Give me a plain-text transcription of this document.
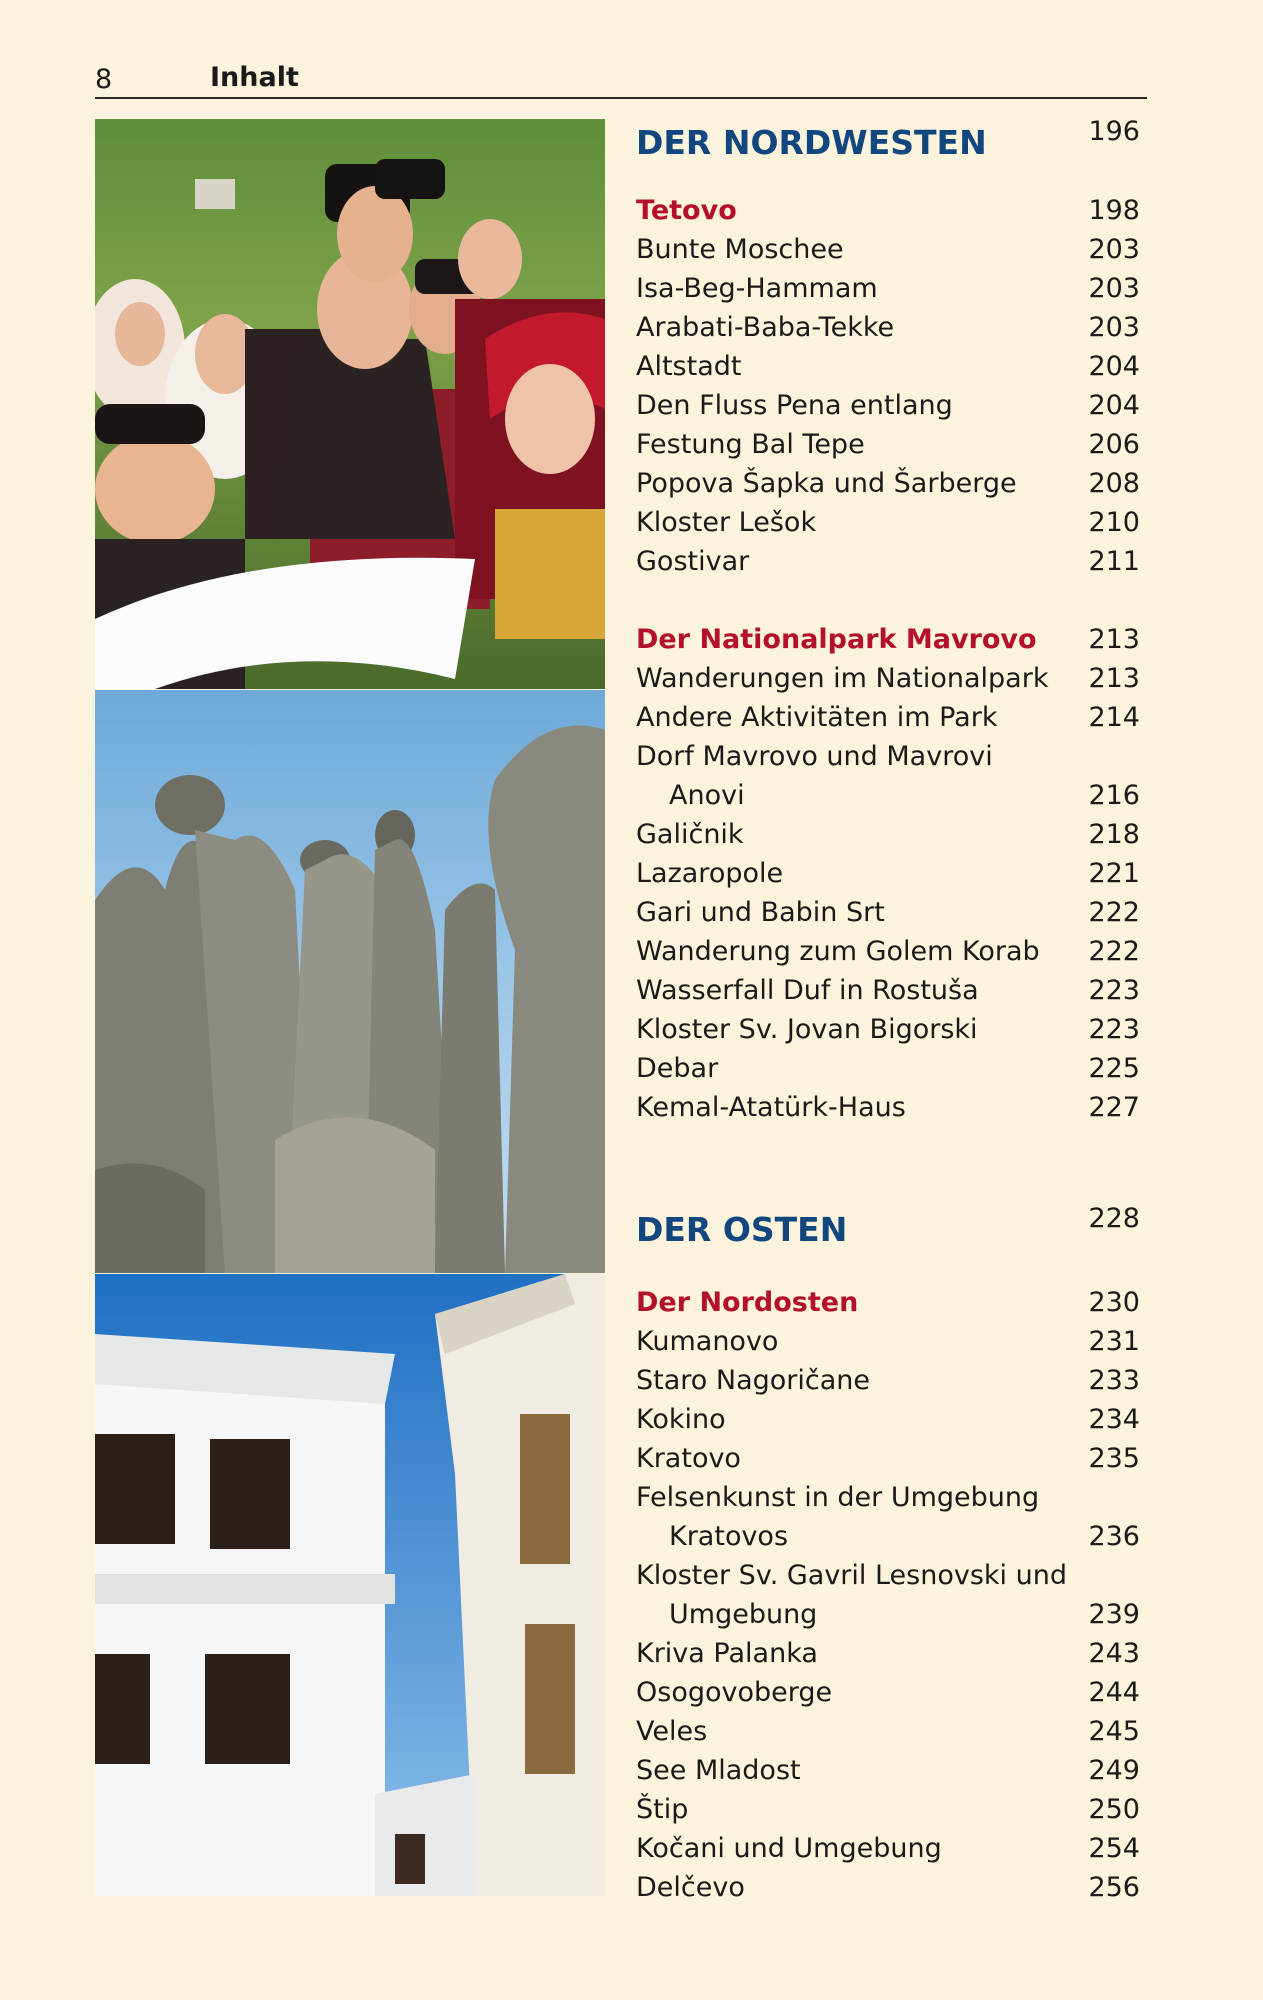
8	Inhalt
DER NORDWESTEN	196
Tetovo	198
Bunte Moschee	203
Isa-Beg-Hammam	203
Arabati-Baba-Tekke	203
Altstadt	204
Den Fluss Pena entlang	204
Festung Bal Tepe	206
Popova Šapka und Šarberge	208
Kloster Lešok	210
Gostivar	211
Der Nationalpark Mavrovo 213
Wanderungen im Nationalpark 213
Andere Aktivitäten im Park	214
Dorf Mavrovo und Mavrovi
Anovi	216
Galičnik	218
Lazaropole	221
Gari und Babin Srt	222
Wanderung zum Golem Korab 222
Wasserfall Duf in Rostuša	223
Kloster Sv. Jovan Bigorski	223
Debar	225
Kemal-Atatürk-Haus	227
DER OSTEN	228
Der Nordosten	230
Kumanovo	231
Staro Nagoričane	233
Kokino	234
Kratovo	235
Felsenkunst in der Umgebung
Kratovos	236
Kloster Sv. Gavril Lesnovski und
Umgebung	239
Kriva Palanka	243
Osogovoberge	244
Veles	245
See Mladost	249
Štip	250
Kočani und Umgebung	254
Delčevo	256
